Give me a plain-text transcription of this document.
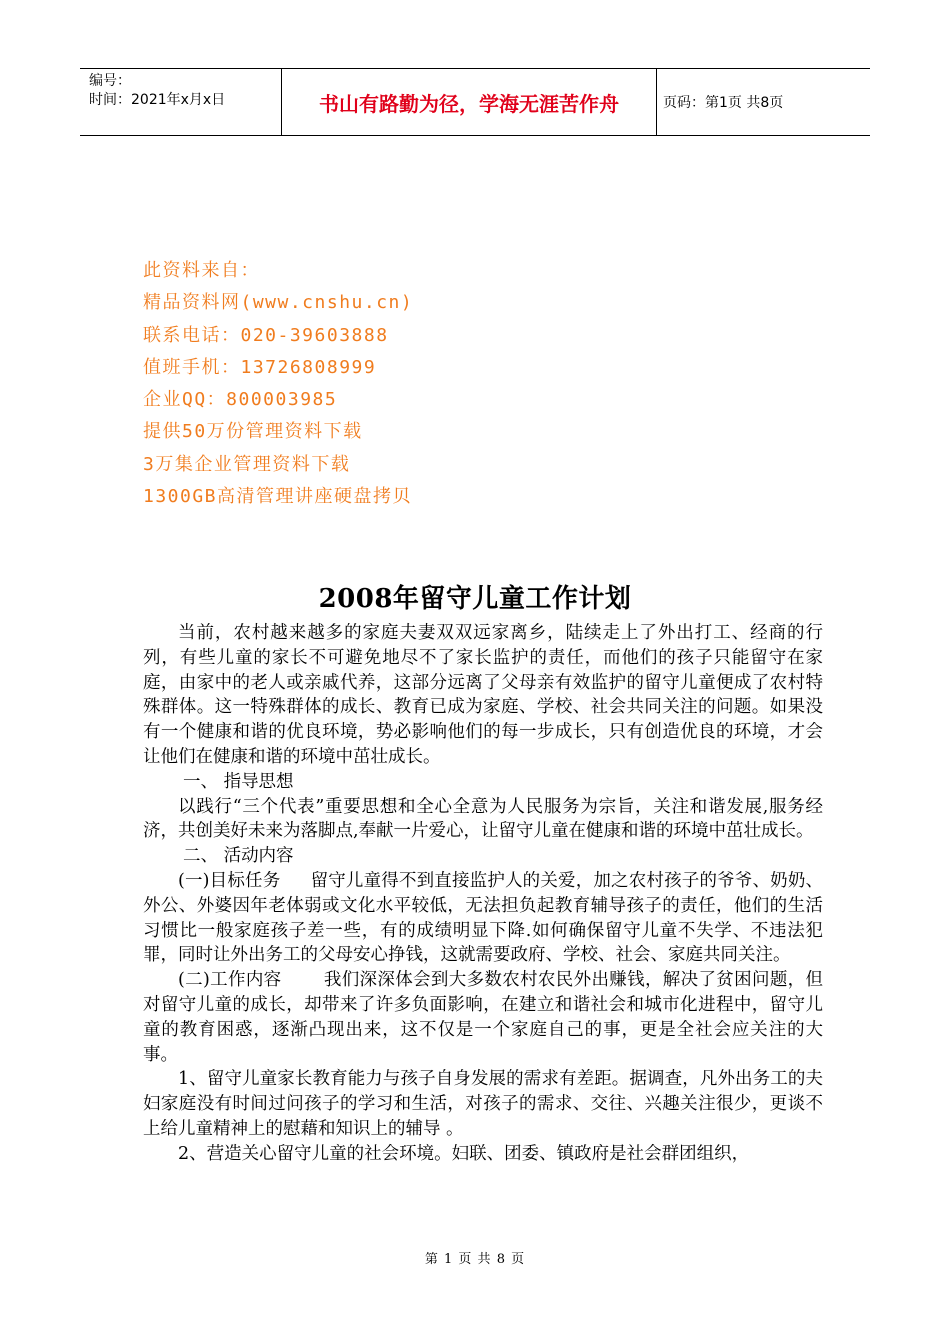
编号：
时间：2021年x月x日	书山有路勤为径，学海无涯苦作舟	页码：第1页 共8页
此资料来自：
精品资料网(www.cnshu.cn)
联系电话：020-39603888
值班手机：13726808999
企业QQ：800003985
提供50万份管理资料下载
3万集企业管理资料下载
1300GB高清管理讲座硬盘拷贝
2008年留守儿童工作计划

当前，农村越来越多的家庭夫妻双双远家离乡，陆续走上了外出打工、经商的行列，有些儿童的家长不可避免地尽不了家长监护的责任，而他们的孩子只能留守在家庭，由家中的老人或亲戚代养，这部分远离了父母亲有效监护的留守儿童便成了农村特殊群体。这一特殊群体的成长、教育已成为家庭、学校、社会共同关注的问题。如果没有一个健康和谐的优良环境，势必影响他们的每一步成长，只有创造优良的环境，才会让他们在健康和谐的环境中茁壮成长。

一、 指导思想

以践行“三个代表”重要思想和全心全意为人民服务为宗旨，关注和谐发展,服务经济，共创美好未来为落脚点,奉献一片爱心，让留守儿童在健康和谐的环境中茁壮成长。

二、 活动内容

(一)目标任务 留守儿童得不到直接监护人的关爱，加之农村孩子的爷爷、奶奶、外公、外婆因年老体弱或文化水平较低，无法担负起教育辅导孩子的责任，他们的生活习惯比一般家庭孩子差一些，有的成绩明显下降.如何确保留守儿童不失学、不违法犯罪，同时让外出务工的父母安心挣钱，这就需要政府、学校、社会、家庭共同关注。

(二)工作内容 我们深深体会到大多数农村农民外出赚钱，解决了贫困问题，但对留守儿童的成长，却带来了许多负面影响，在建立和谐社会和城市化进程中，留守儿童的教育困惑，逐渐凸现出来，这不仅是一个家庭自己的事，更是全社会应关注的大事。

1、留守儿童家长教育能力与孩子自身发展的需求有差距。据调查，凡外出务工的夫妇家庭没有时间过问孩子的学习和生活，对孩子的需求、交往、兴趣关注很少，更谈不上给儿童精神上的慰藉和知识上的辅导 。

2、营造关心留守儿童的社会环境。妇联、团委、镇政府是社会群团组织，

第 1 页 共 8 页
